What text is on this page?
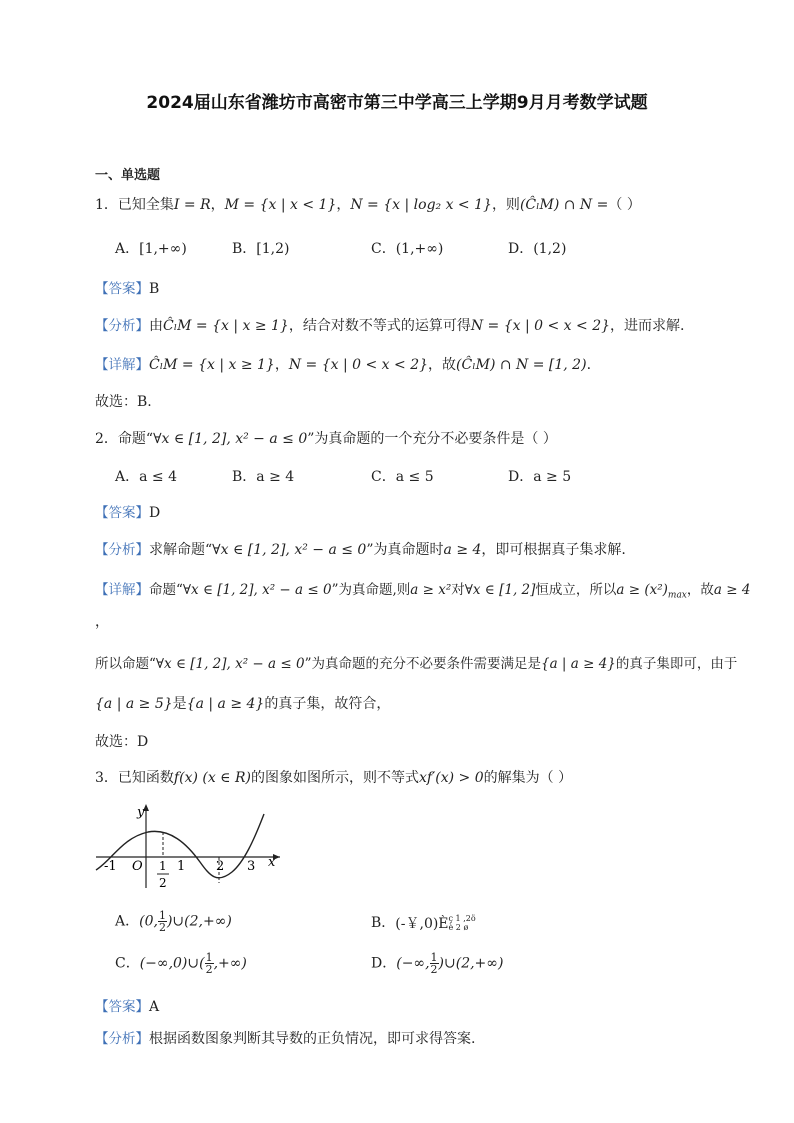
2024届山东省潍坊市高密市第三中学高三上学期9月月考数学试题
一、单选题
1．已知全集I = R，M = {x | x < 1}，N = {x | log₂ x < 1}，则(ĈₗM) ∩ N =（ ）
A．[1,+∞)	B．[1,2)	C．(1,+∞)	D．(1,2)
【答案】B
【分析】由ĈₗM = {x | x ≥ 1}，结合对数不等式的运算可得N = {x | 0 < x < 2}，进而求解.
【详解】ĈₗM = {x | x ≥ 1}，N = {x | 0 < x < 2}，故(ĈₗM) ∩ N = [1, 2).
故选：B.
2．命题“∀x ∈ [1, 2], x² − a ≤ 0”为真命题的一个充分不必要条件是（ ）
A．a ≤ 4	B．a ≥ 4	C．a ≤ 5	D．a ≥ 5
【答案】D
【分析】求解命题“∀x ∈ [1, 2], x² − a ≤ 0”为真命题时a ≥ 4，即可根据真子集求解.
【详解】命题“∀x ∈ [1, 2], x² − a ≤ 0”为真命题,则a ≥ x²对∀x ∈ [1, 2]恒成立，所以$a \ge (x^2)_{max}$，故a ≥ 4
，
所以命题“∀x ∈ [1, 2], x² − a ≤ 0”为真命题的充分不必要条件需要满足是{a | a ≥ 4}的真子集即可，由于
{a | a ≥ 5}是{a | a ≥ 4}的真子集，故符合，
故选：D
3．已知函数f(x) (x ∈ R)的图象如图所示，则不等式xf′(x) > 0的解集为（ ）
y
x
O
-1	1 2 3
1
2
A．(0, $\frac{1}{2}$ )∪(2,+∞)	B．(-￥,0)È ç 1 ,2ö
è 2 ø
C．(−∞,0)∪( $\frac{1}{2}$ ,+∞)	D．(−∞, $\frac{1}{2}$ )∪(2,+∞)
【答案】A
【分析】根据函数图象判断其导数的正负情况，即可求得答案.
